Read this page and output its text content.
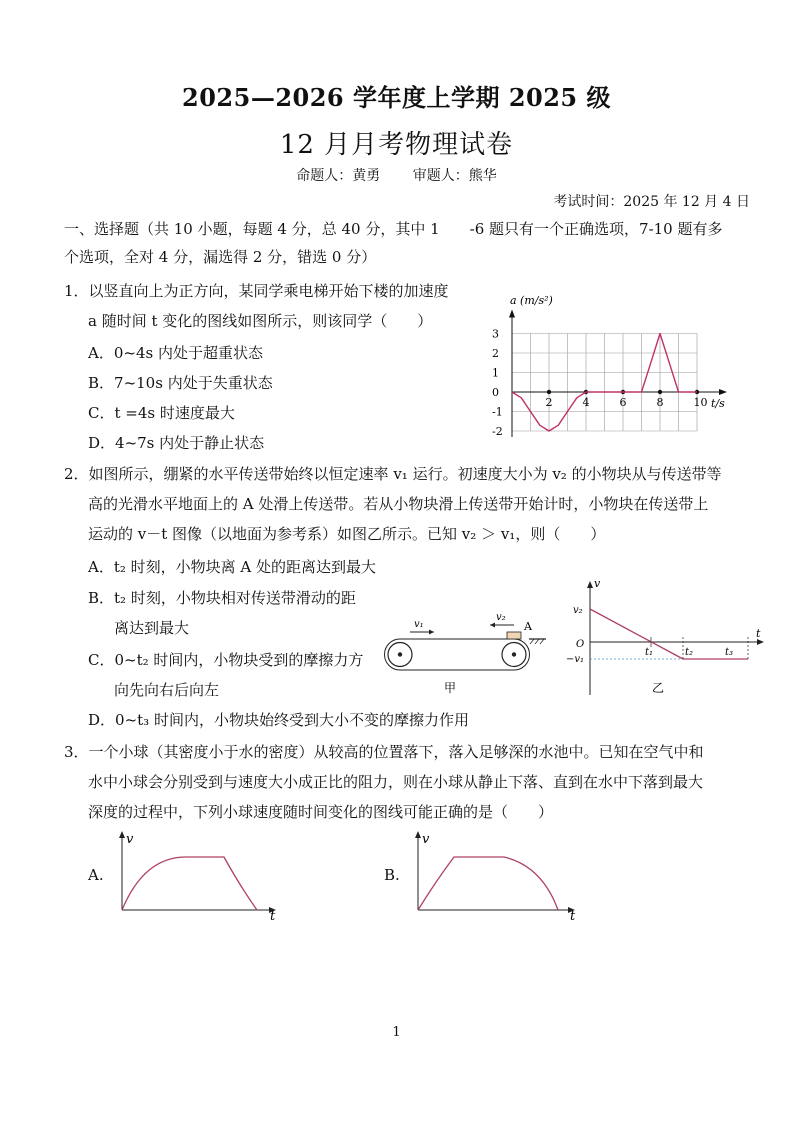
2025—2026 学年度上学期 2025 级
12 月月考物理试卷
命题人：黄勇 审题人：熊华
考试时间：2025 年 12 月 4 日
一、选择题（共 10 小题，每题 4 分，总 40 分，其中 1　　-6 题只有一个正确选项，7-10 题有多
个选项，全对 4 分，漏选得 2 分，错选 0 分）
1．以竖直向上为正方向，某同学乘电梯开始下楼的加速度
a 随时间 t 变化的图线如图所示，则该同学（　　）
A．0~4s 内处于超重状态
B．7~10s 内处于失重状态
C．t =4s 时速度最大
D．4~7s 内处于静止状态
-2
-1
0
1
2
3
2	4	6	8	10
a (m/s²)
t/s
2．如图所示，绷紧的水平传送带始终以恒定速率 v₁ 运行。初速度大小为 v₂ 的小物块从与传送带等
高的光滑水平地面上的 A 处滑上传送带。若从小物块滑上传送带开始计时，小物块在传送带上
运动的 v－t 图像（以地面为参考系）如图乙所示。已知 v₂ ＞ v₁，则（　　）
A．t₂ 时刻，小物块离 A 处的距离达到最大
B．t₂ 时刻，小物块相对传送带滑动的距
离达到最大
C．0~t₂ 时间内，小物块受到的摩擦力方
向先向右后向左
D．0~t₃ 时间内，小物块始终受到大小不变的摩擦力作用
A
v₁
v₂
甲
v
t
O
v₂
−v₁
t₁	t₂	t₃
乙
3．一个小球（其密度小于水的密度）从较高的位置落下，落入足够深的水池中。已知在空气中和
水中小球会分别受到与速度大小成正比的阻力，则在小球从静止下落、直到在水中下落到最大
深度的过程中，下列小球速度随时间变化的图线可能正确的是（　　）
A.
v
t
B.
v
t
1
